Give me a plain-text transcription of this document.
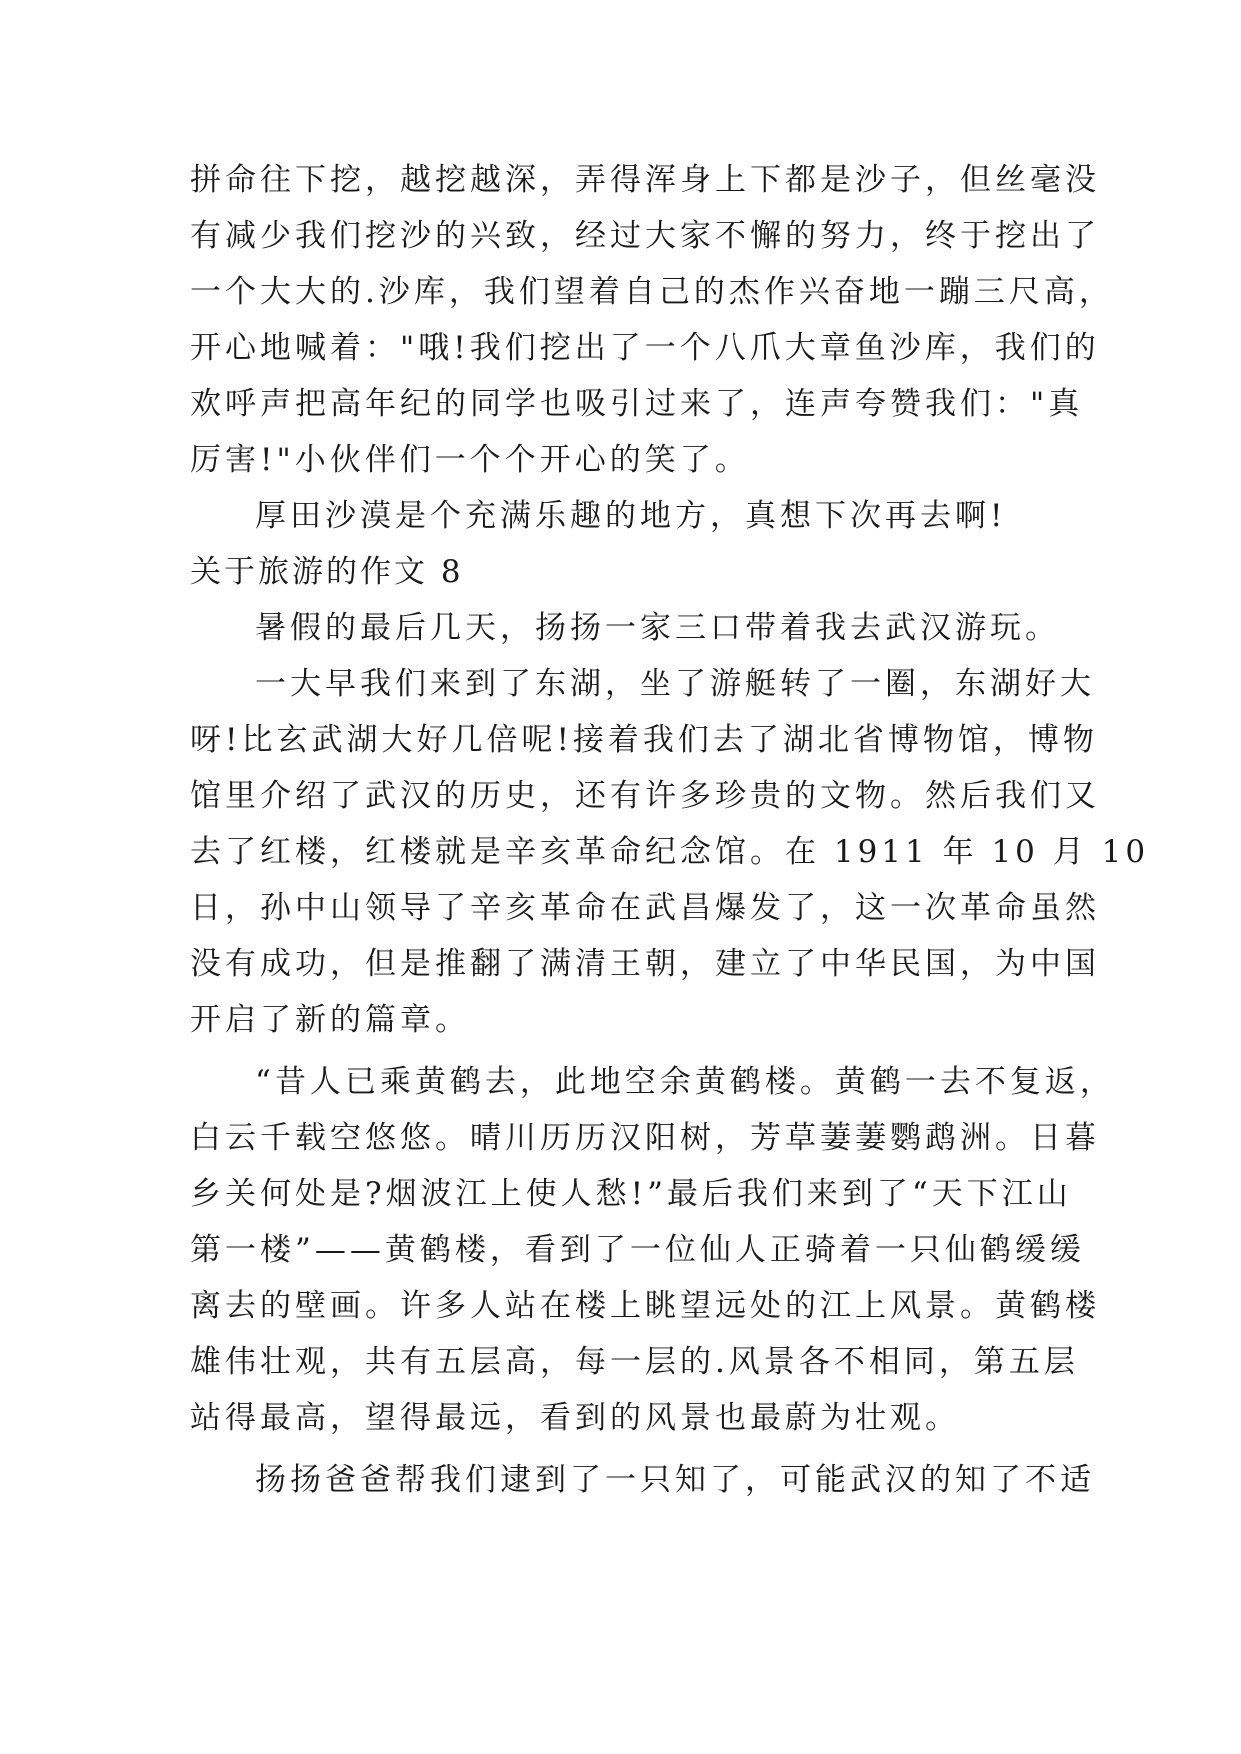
拼命往下挖，越挖越深，弄得浑身上下都是沙子，但丝毫没
有减少我们挖沙的兴致，经过大家不懈的努力，终于挖出了
一个大大的.沙库，我们望着自己的杰作兴奋地一蹦三尺高，
开心地喊着："哦!我们挖出了一个八爪大章鱼沙库，我们的
欢呼声把高年纪的同学也吸引过来了，连声夸赞我们："真
厉害!"小伙伴们一个个开心的笑了。
厚田沙漠是个充满乐趣的地方，真想下次再去啊!
关于旅游的作文 8
暑假的最后几天，扬扬一家三口带着我去武汉游玩。
一大早我们来到了东湖，坐了游艇转了一圈，东湖好大
呀!比玄武湖大好几倍呢!接着我们去了湖北省博物馆，博物
馆里介绍了武汉的历史，还有许多珍贵的文物。然后我们又
去了红楼，红楼就是辛亥革命纪念馆。在 1911 年 10 月 10
日，孙中山领导了辛亥革命在武昌爆发了，这一次革命虽然
没有成功，但是推翻了满清王朝，建立了中华民国，为中国
开启了新的篇章。
“昔人已乘黄鹤去，此地空余黄鹤楼。黄鹤一去不复返，
白云千载空悠悠。晴川历历汉阳树，芳草萋萋鹦鹉洲。日暮
乡关何处是?烟波江上使人愁!”最后我们来到了“天下江山
第一楼”——黄鹤楼，看到了一位仙人正骑着一只仙鹤缓缓
离去的壁画。许多人站在楼上眺望远处的江上风景。黄鹤楼
雄伟壮观，共有五层高，每一层的.风景各不相同，第五层
站得最高，望得最远，看到的风景也最蔚为壮观。
扬扬爸爸帮我们逮到了一只知了，可能武汉的知了不适
